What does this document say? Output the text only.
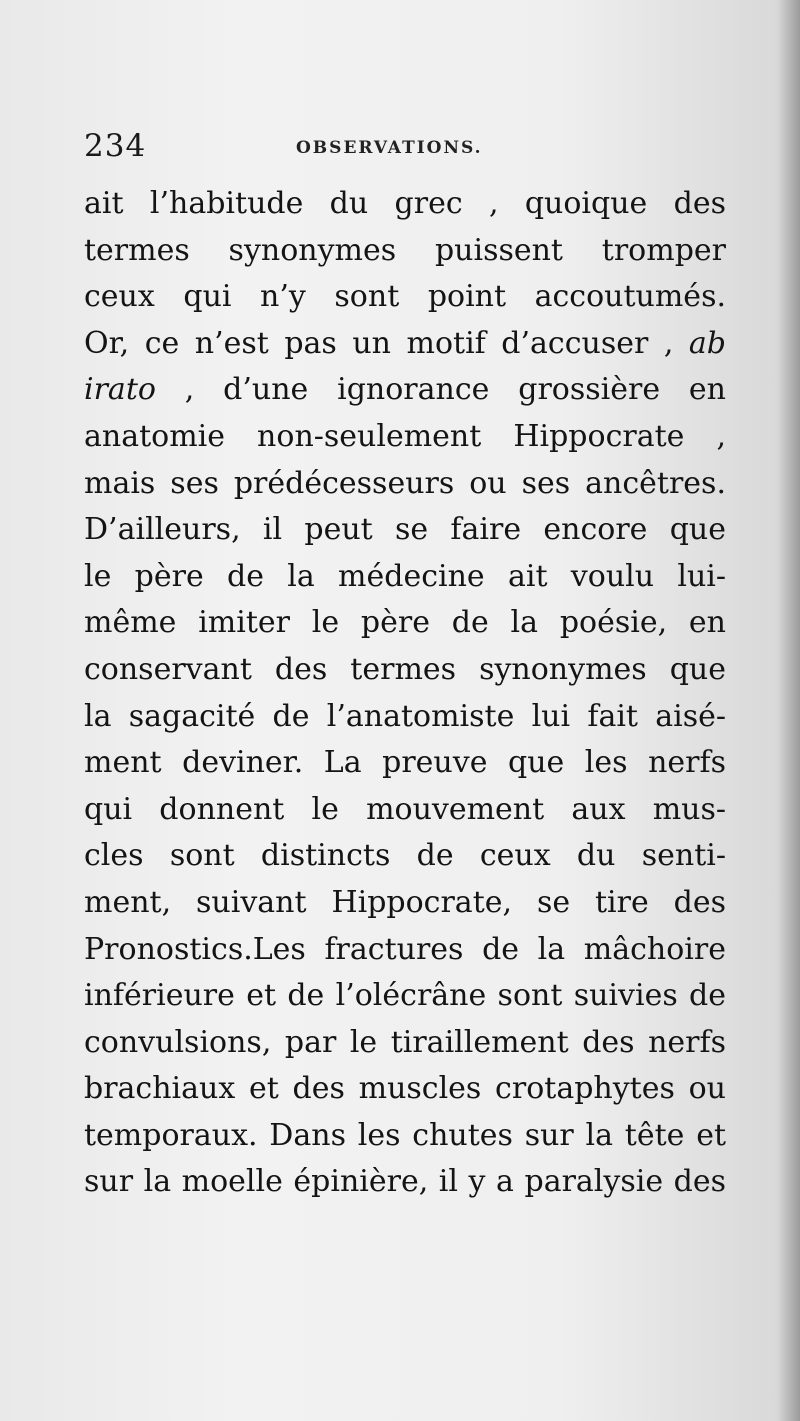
234	OBSERVATIONS.
ait l’habitude du grec , quoique des
termes synonymes puissent tromper
ceux qui n’y sont point accoutumés.
Or, ce n’est pas un motif d’accuser , ab
irato , d’une ignorance grossière en
anatomie non-seulement Hippocrate ,
mais ses prédécesseurs ou ses ancêtres.
D’ailleurs, il peut se faire encore que
le père de la médecine ait voulu lui-
même imiter le père de la poésie, en
conservant des termes synonymes que
la sagacité de l’anatomiste lui fait aisé-
ment deviner. La preuve que les nerfs
qui donnent le mouvement aux mus-
cles sont distincts de ceux du senti-
ment, suivant Hippocrate, se tire des
Pronostics.Les fractures de la mâchoire
inférieure et de l’olécrâne sont suivies de
convulsions, par le tiraillement des nerfs
brachiaux et des muscles crotaphytes ou
temporaux. Dans les chutes sur la tête et
sur la moelle épinière, il y a paralysie des
